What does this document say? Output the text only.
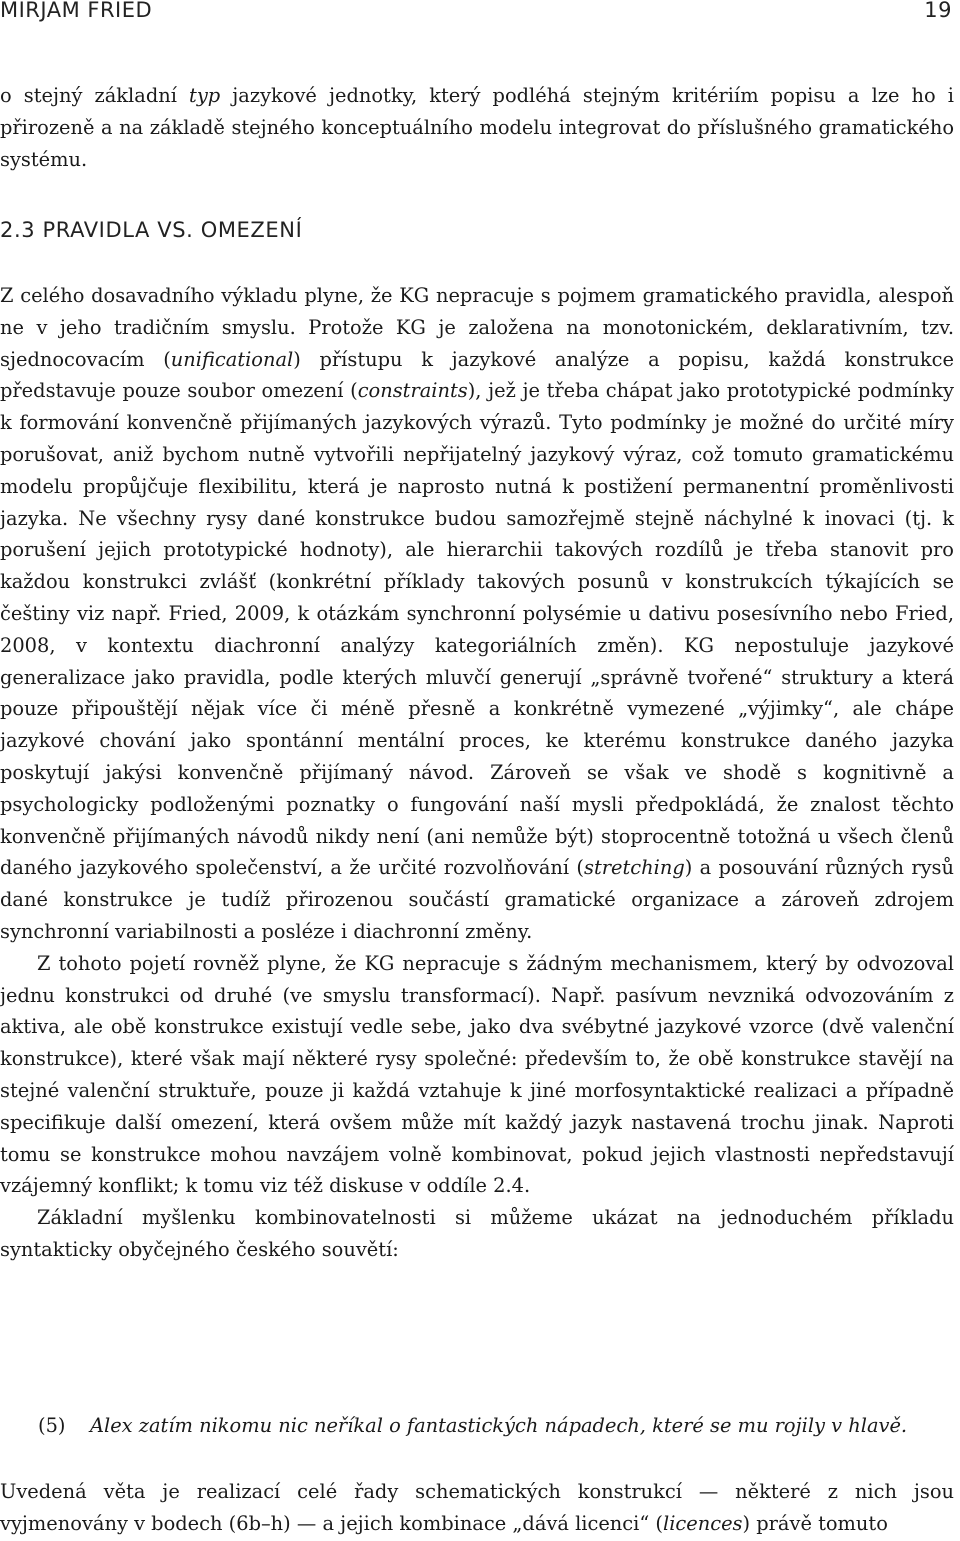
MIRJAM FRIED	19

o stejný základní typ jazykové jednotky, který podléhá stejným kritériím popisu a lze ho i přirozeně a na základě stejného konceptuálního modelu integrovat do příslušného gramatického systému.

2.3 PRAVIDLA VS. OMEZENÍ

Z celého dosavadního výkladu plyne, že KG nepracuje s pojmem gramatického pravidla, alespoň ne v jeho tradičním smyslu. Protože KG je založena na monotonickém, deklarativním, tzv. sjednocovacím (unificational) přístupu k jazykové analýze a popisu, každá konstrukce představuje pouze soubor omezení (constraints), jež je třeba chápat jako prototypické podmínky k formování konvenčně přijímaných jazykových výrazů. Tyto podmínky je možné do určité míry porušovat, aniž bychom nutně vytvořili nepřijatelný jazykový výraz, což tomuto gramatickému modelu propůjčuje flexibilitu, která je naprosto nutná k postižení permanentní proměnlivosti jazyka. Ne všechny rysy dané konstrukce budou samozřejmě stejně náchylné k inovaci (tj. k porušení jejich prototypické hodnoty), ale hierarchii takových rozdílů je třeba stanovit pro každou konstrukci zvlášť (konkrétní příklady takových posunů v konstrukcích týkajících se češtiny viz např. Fried, 2009, k otázkám synchronní polysémie u dativu posesívního nebo Fried, 2008, v kontextu diachronní analýzy kategoriálních změn). KG nepostuluje jazykové generalizace jako pravidla, podle kterých mluvčí generují „správně tvořené“ struktury a která pouze připouštějí nějak více či méně přesně a konkrétně vymezené „výjimky“, ale chápe jazykové chování jako spontánní mentální proces, ke kterému konstrukce daného jazyka poskytují jakýsi konvenčně přijímaný návod. Zároveň se však ve shodě s kognitivně a psychologicky podloženými poznatky o fungování naší mysli předpokládá, že znalost těchto konvenčně přijímaných návodů nikdy není (ani nemůže být) stoprocentně totožná u všech členů daného jazykového společenství, a že určité rozvolňování (stretching) a posouvání různých rysů dané konstrukce je tudíž přirozenou součástí gramatické organizace a zároveň zdrojem synchronní variabilnosti a posléze i diachronní změny.

Z tohoto pojetí rovněž plyne, že KG nepracuje s žádným mechanismem, který by odvozoval jednu konstrukci od druhé (ve smyslu transformací). Např. pasívum nevzniká odvozováním z aktiva, ale obě konstrukce existují vedle sebe, jako dva svébytné jazykové vzorce (dvě valenční konstrukce), které však mají některé rysy společné: především to, že obě konstrukce stavějí na stejné valenční struktuře, pouze ji každá vztahuje k jiné morfosyntaktické realizaci a případně specifikuje další omezení, která ovšem může mít každý jazyk nastavená trochu jinak. Naproti tomu se konstrukce mohou navzájem volně kombinovat, pokud jejich vlastnosti nepředstavují vzájemný konflikt; k tomu viz též diskuse v oddíle 2.4.

Základní myšlenku kombinovatelnosti si můžeme ukázat na jednoduchém příkladu syntakticky obyčejného českého souvětí:

(5) Alex zatím nikomu nic neříkal o fantastických nápadech, které se mu rojily v hlavě.

Uvedená věta je realizací celé řady schematických konstrukcí — některé z nich jsou vyjmenovány v bodech (6b–h) — a jejich kombinace „dává licenci“ (licences) právě tomuto
